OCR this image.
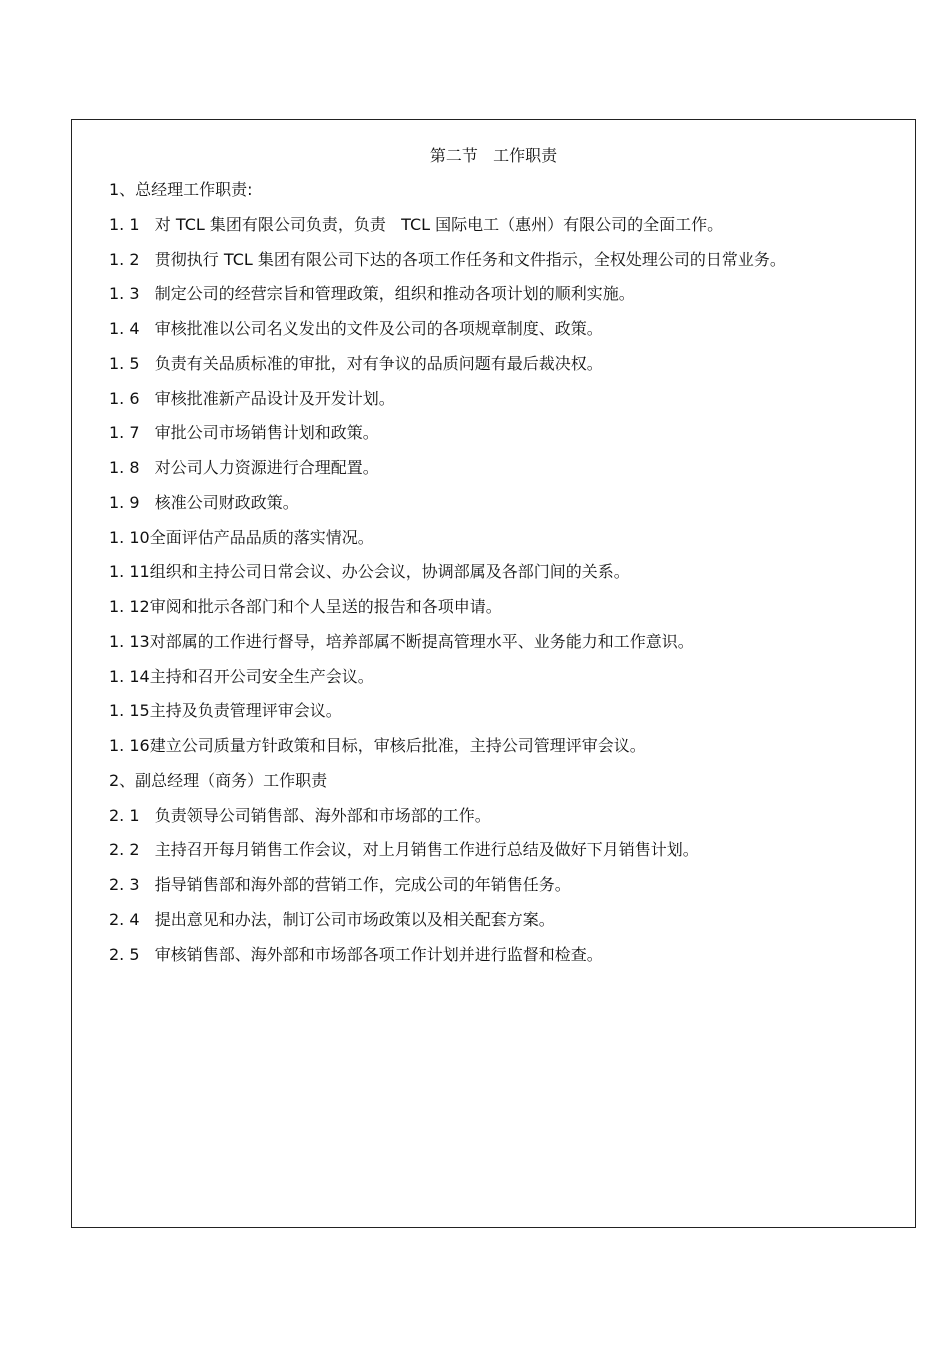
第二节   工作职责
1、总经理工作职责:
1. 1   对 TCL 集团有限公司负责，负责   TCL 国际电工（惠州）有限公司的全面工作。
1. 2   贯彻执行 TCL 集团有限公司下达的各项工作任务和文件指示，全权处理公司的日常业务。
1. 3   制定公司的经营宗旨和管理政策，组织和推动各项计划的顺利实施。
1. 4   审核批准以公司名义发出的文件及公司的各项规章制度、政策。
1. 5   负责有关品质标准的审批，对有争议的品质问题有最后裁决权。
1. 6   审核批准新产品设计及开发计划。
1. 7   审批公司市场销售计划和政策。
1. 8   对公司人力资源进行合理配置。
1. 9   核准公司财政政策。
1. 10全面评估产品品质的落实情况。
1. 11组织和主持公司日常会议、办公会议，协调部属及各部门间的关系。
1. 12审阅和批示各部门和个人呈送的报告和各项申请。
1. 13对部属的工作进行督导，培养部属不断提高管理水平、业务能力和工作意识。
1. 14主持和召开公司安全生产会议。
1. 15主持及负责管理评审会议。
1. 16建立公司质量方针政策和目标，审核后批准，主持公司管理评审会议。
2、副总经理（商务）工作职责
2. 1   负责领导公司销售部、海外部和市场部的工作。
2. 2   主持召开每月销售工作会议，对上月销售工作进行总结及做好下月销售计划。
2. 3   指导销售部和海外部的营销工作，完成公司的年销售任务。
2. 4   提出意见和办法，制订公司市场政策以及相关配套方案。
2. 5   审核销售部、海外部和市场部各项工作计划并进行监督和检查。
